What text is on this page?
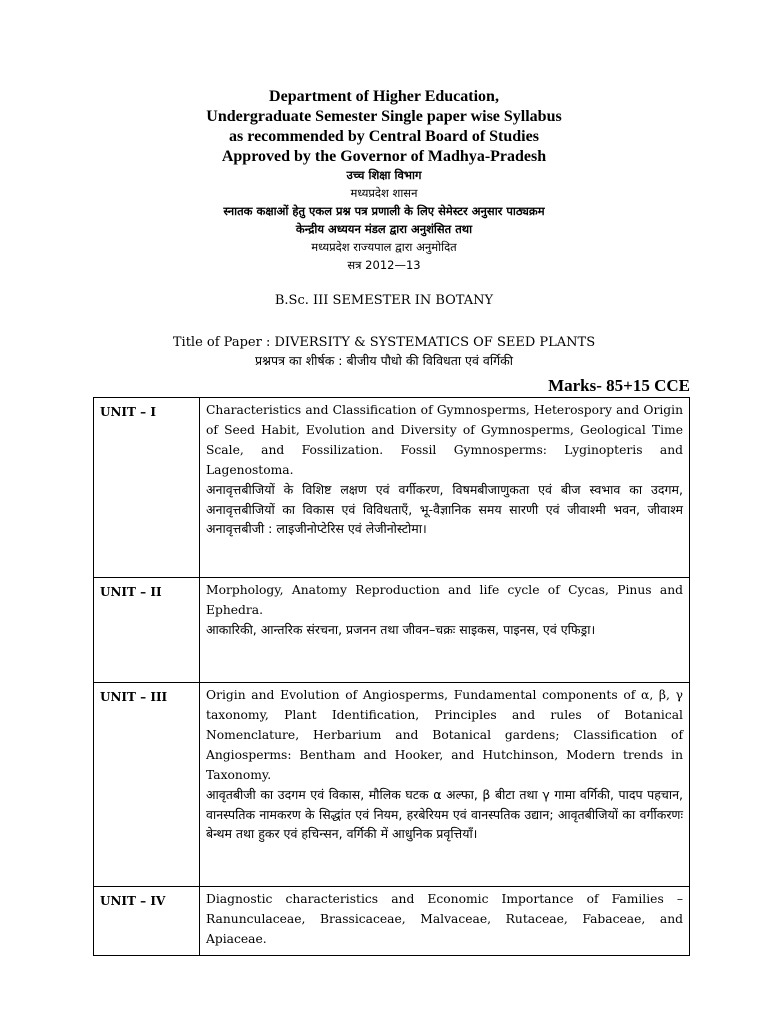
Department of Higher Education,
Undergraduate Semester Single paper wise Syllabus
as recommended by Central Board of Studies
Approved by the Governor of Madhya-Pradesh
उच्च शिक्षा विभाग
मध्यप्रदेश शासन
स्नातक कक्षाओं हेतु एकल प्रश्न पत्र प्रणाली के लिए सेमेस्टर अनुसार पाठ्यक्रम
केन्द्रीय अध्ययन मंडल द्वारा अनुशंसित तथा
मध्यप्रदेश राज्यपाल द्वारा अनुमोदित
सत्र 2012—13
B.Sc. III SEMESTER IN BOTANY
Title of Paper : DIVERSITY & SYSTEMATICS OF SEED PLANTS
प्रश्नपत्र का शीर्षक : बीजीय पौधो की विविधता एवं वर्गिकी
Marks- 85+15 CCE
UNIT – I	Characteristics and Classification of Gymnosperms, Heterospory and Origin of Seed Habit, Evolution and Diversity of Gymnosperms, Geological Time Scale, and Fossilization. Fossil Gymnosperms: Lyginopteris and Lagenostoma.
अनावृत्तबीजियों के विशिष्ट लक्षण एवं वर्गीकरण, विषमबीजाणुकता एवं बीज स्वभाव का उदगम, अनावृत्तबीजियों का विकास एवं विविधताएँ, भू-वैज्ञानिक समय सारणी एवं जीवाश्मी भवन, जीवाश्म अनावृत्तबीजी : लाइजीनोप्टेरिस एवं लेजीनोस्टोमा।

UNIT – II	Morphology, Anatomy Reproduction and life cycle of Cycas, Pinus and Ephedra.
आकारिकी, आन्तरिक संरचना, प्रजनन तथा जीवन–चक्रः साइकस, पाइनस, एवं एफिड्रा।

UNIT – III	Origin and Evolution of Angiosperms, Fundamental components of α, β, γ taxonomy, Plant Identification, Principles and rules of Botanical Nomenclature, Herbarium and Botanical gardens; Classification of Angiosperms: Bentham and Hooker, and Hutchinson, Modern trends in Taxonomy.
आवृतबीजी का उदगम एवं विकास, मौलिक घटक α अल्फा, β बीटा तथा γ गामा वर्गिकी, पादप पहचान, वानस्पतिक नामकरण के सिद्धांत एवं नियम, हरबेरियम एवं वानस्पतिक उद्यान; आवृतबीजियों का वर्गीकरणः बेन्थम तथा हुकर एवं हचिन्सन, वर्गिकी में आधुनिक प्रवृत्तियाँ।

UNIT – IV	Diagnostic characteristics and Economic Importance of Families – Ranunculaceae, Brassicaceae, Malvaceae, Rutaceae, Fabaceae, and Apiaceae.
